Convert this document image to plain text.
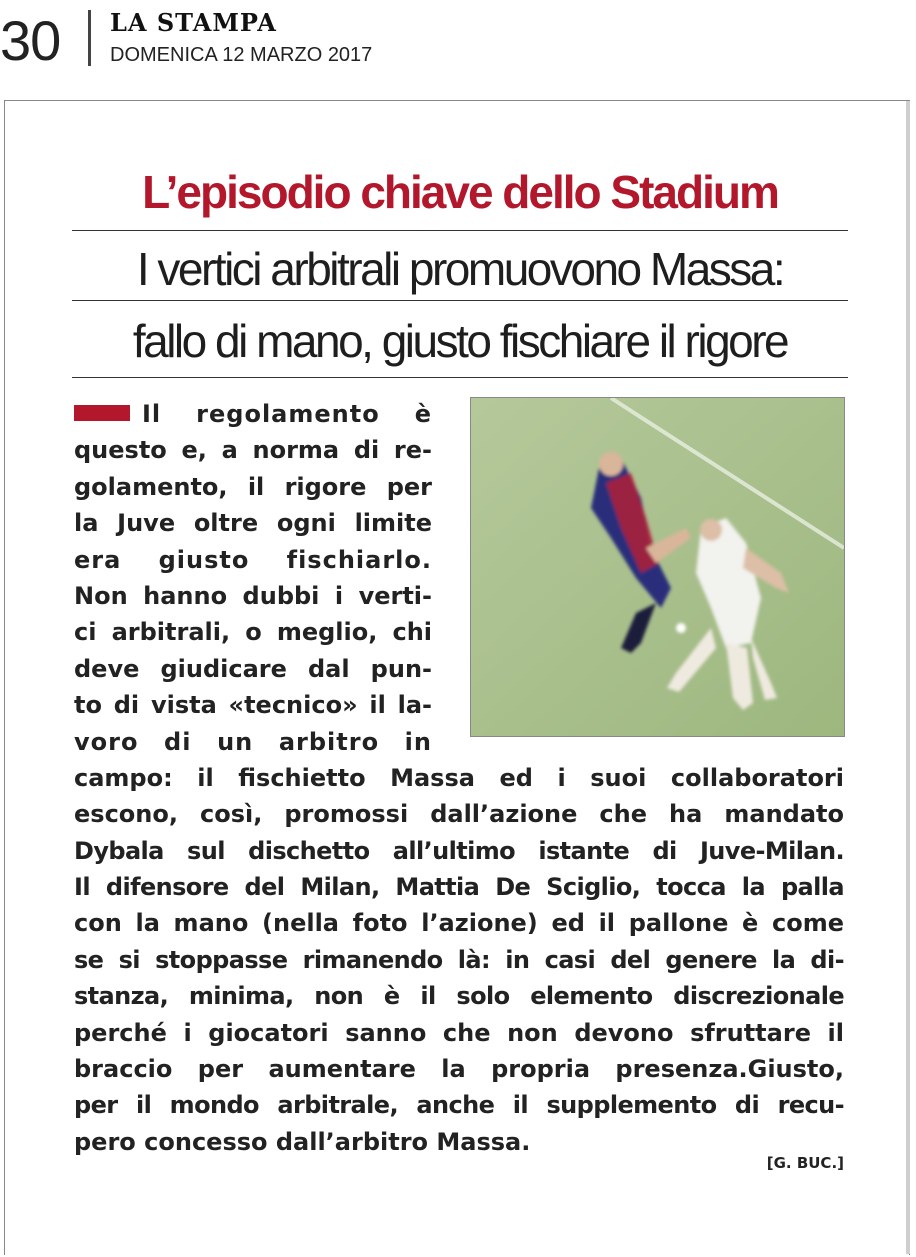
30 LA STAMPA
DOMENICA 12 MARZO 2017
L’episodio chiave dello Stadium
I vertici arbitrali promuovono Massa:
fallo di mano, giusto fischiare il rigore
Il regolamento è
questo e, a norma di re-
golamento, il rigore per
la Juve oltre ogni limite
era giusto fischiarlo.
Non hanno dubbi i verti-
ci arbitrali, o meglio, chi
deve giudicare dal pun-
to di vista «tecnico» il la-
voro di un arbitro in
campo: il fischietto Massa ed i suoi collaboratori
escono, così, promossi dall’azione che ha mandato
Dybala sul dischetto all’ultimo istante di Juve-Milan.
Il difensore del Milan, Mattia De Sciglio, tocca la palla
con la mano (nella foto l’azione) ed il pallone è come
se si stoppasse rimanendo là: in casi del genere la di-
stanza, minima, non è il solo elemento discrezionale
perché i giocatori sanno che non devono sfruttare il
braccio per aumentare la propria presenza.Giusto,
per il mondo arbitrale, anche il supplemento di recu-
pero concesso dall’arbitro Massa.
[G. BUC.]
